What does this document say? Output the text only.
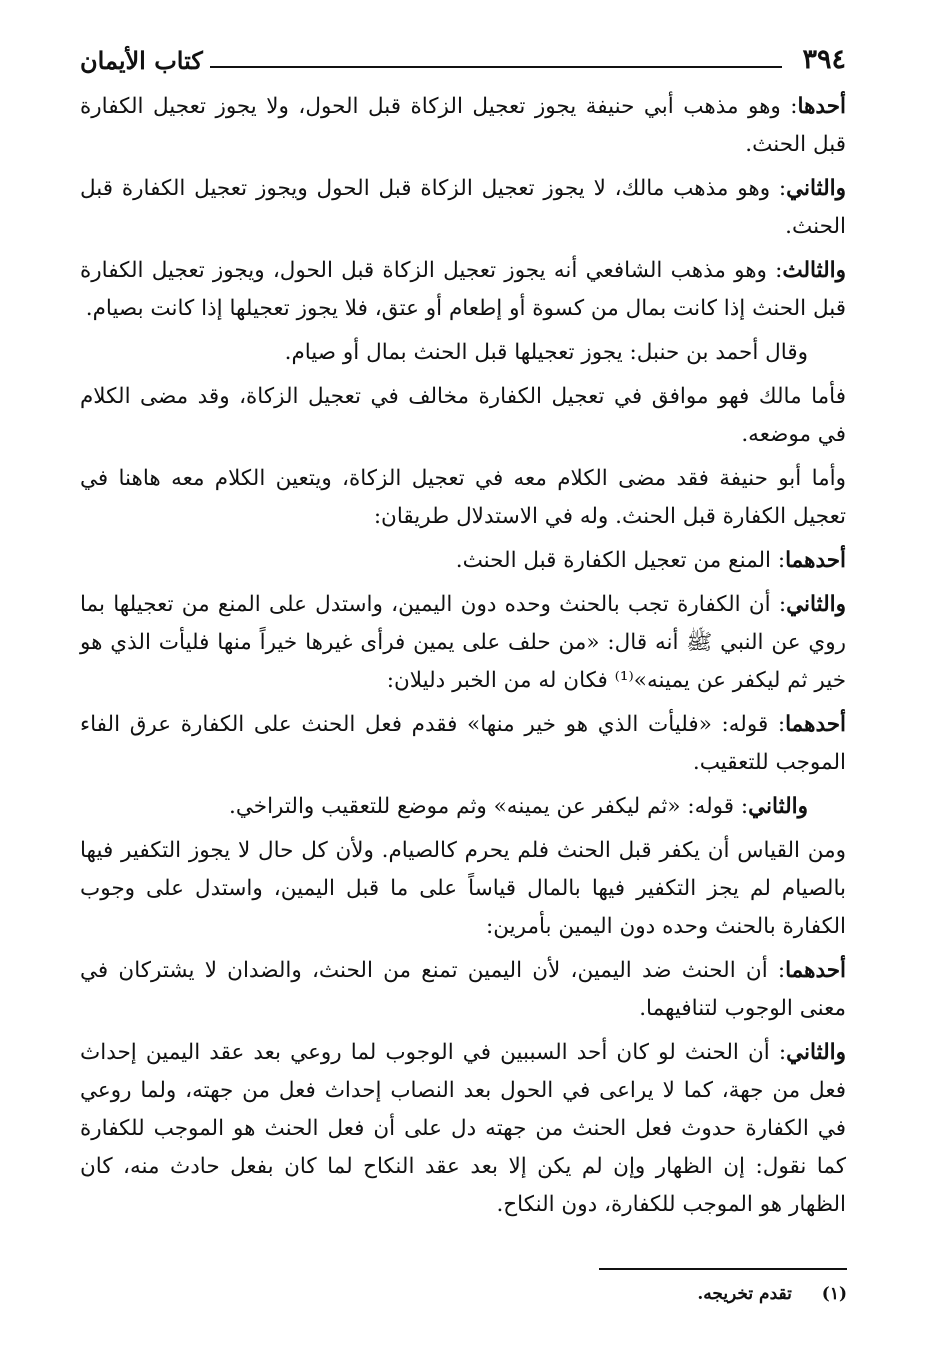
٣٩٤
كتاب الأيمان

أحدها: وهو مذهب أبي حنيفة يجوز تعجيل الزكاة قبل الحول، ولا يجوز تعجيل الكفارة قبل الحنث.

والثاني: وهو مذهب مالك، لا يجوز تعجيل الزكاة قبل الحول ويجوز تعجيل الكفارة قبل الحنث.

والثالث: وهو مذهب الشافعي أنه يجوز تعجيل الزكاة قبل الحول، ويجوز تعجيل الكفارة قبل الحنث إذا كانت بمال من كسوة أو إطعام أو عتق، فلا يجوز تعجيلها إذا كانت بصيام.

وقال أحمد بن حنبل: يجوز تعجيلها قبل الحنث بمال أو صيام.

فأما مالك فهو موافق في تعجيل الكفارة مخالف في تعجيل الزكاة، وقد مضى الكلام في موضعه.

وأما أبو حنيفة فقد مضى الكلام معه في تعجيل الزكاة، ويتعين الكلام معه هاهنا في تعجيل الكفارة قبل الحنث. وله في الاستدلال طريقان:

أحدهما: المنع من تعجيل الكفارة قبل الحنث.

والثاني: أن الكفارة تجب بالحنث وحده دون اليمين، واستدل على المنع من تعجيلها بما روي عن النبي ﷺ أنه قال: «من حلف على يمين فرأى غيرها خيراً منها فليأت الذي هو خير ثم ليكفر عن يمينه»⁽¹⁾ فكان له من الخبر دليلان:

أحدهما: قوله: «فليأت الذي هو خير منها» فقدم فعل الحنث على الكفارة عرق الفاء الموجب للتعقيب.

والثاني: قوله: «ثم ليكفر عن يمينه» وثم موضع للتعقيب والتراخي.

ومن القياس أن يكفر قبل الحنث فلم يحرم كالصيام. ولأن كل حال لا يجوز التكفير فيها بالصيام لم يجز التكفير فيها بالمال قياساً على ما قبل اليمين، واستدل على وجوب الكفارة بالحنث وحده دون اليمين بأمرين:

أحدهما: أن الحنث ضد اليمين، لأن اليمين تمنع من الحنث، والضدان لا يشتركان في معنى الوجوب لتنافيهما.

والثاني: أن الحنث لو كان أحد السببين في الوجوب لما روعي بعد عقد اليمين إحداث فعل من جهة، كما لا يراعى في الحول بعد النصاب إحداث فعل من جهته، ولما روعي في الكفارة حدوث فعل الحنث من جهته دل على أن فعل الحنث هو الموجب للكفارة كما نقول: إن الظهار وإن لم يكن إلا بعد عقد النكاح لما كان بفعل حادث منه، كان الظهار هو الموجب للكفارة، دون النكاح.

(١) تقدم تخريجه.
